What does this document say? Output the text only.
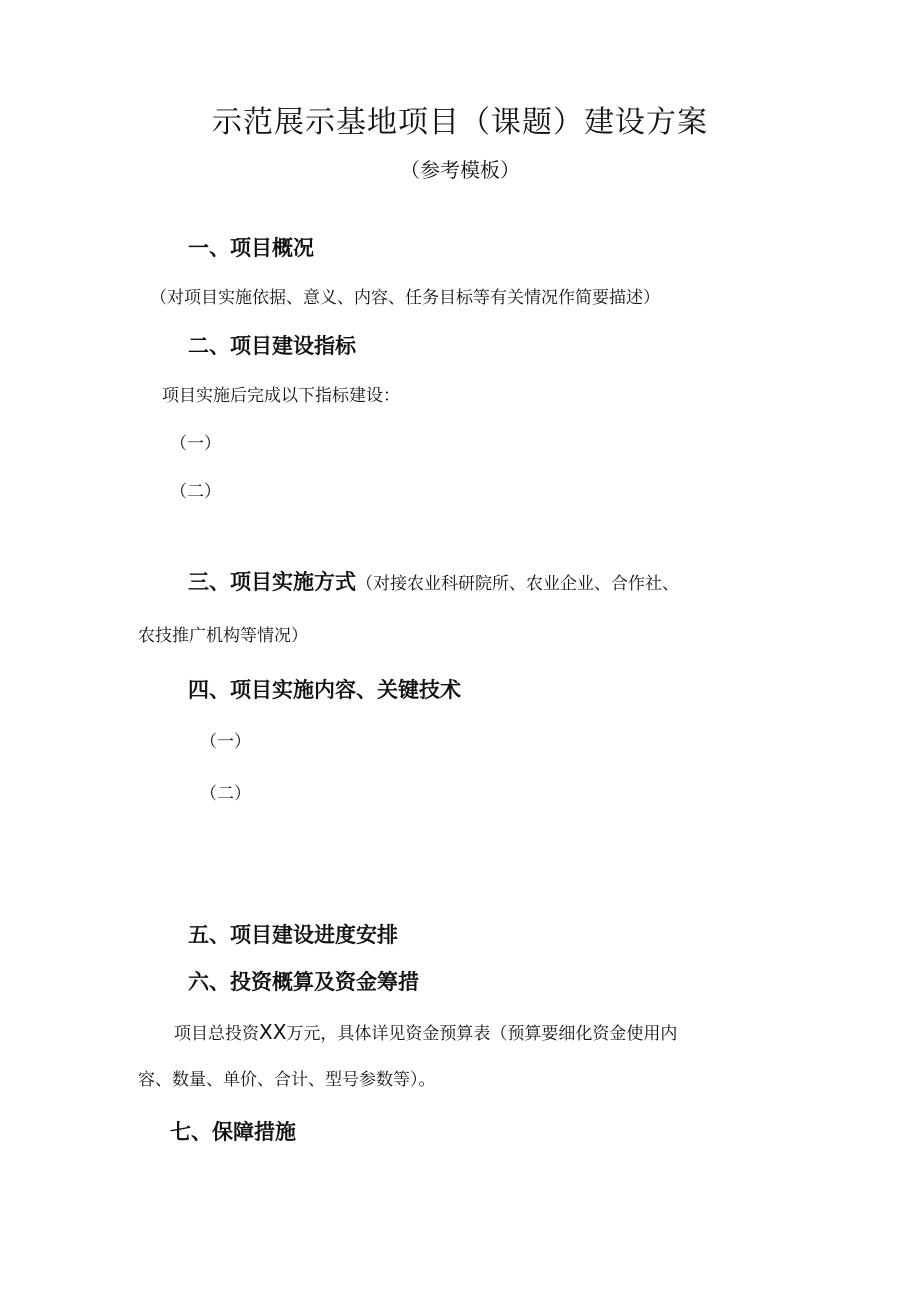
示范展示基地项目（课题）建设方案
（参考模板）
一、项目概况
（对项目实施依据、意义、内容、任务目标等有关情况作简要描述）
二、项目建设指标
项目实施后完成以下指标建设：
（一）
（二）
三、项目实施方式（对接农业科研院所、农业企业、合作社、
农技推广机构等情况）
四、项目实施内容、关键技术
（一）
（二）
五、项目建设进度安排
六、投资概算及资金筹措
项目总投资XX万元，具体详见资金预算表（预算要细化资金使用内
容、数量、单价、合计、型号参数等）。
七、保障措施
